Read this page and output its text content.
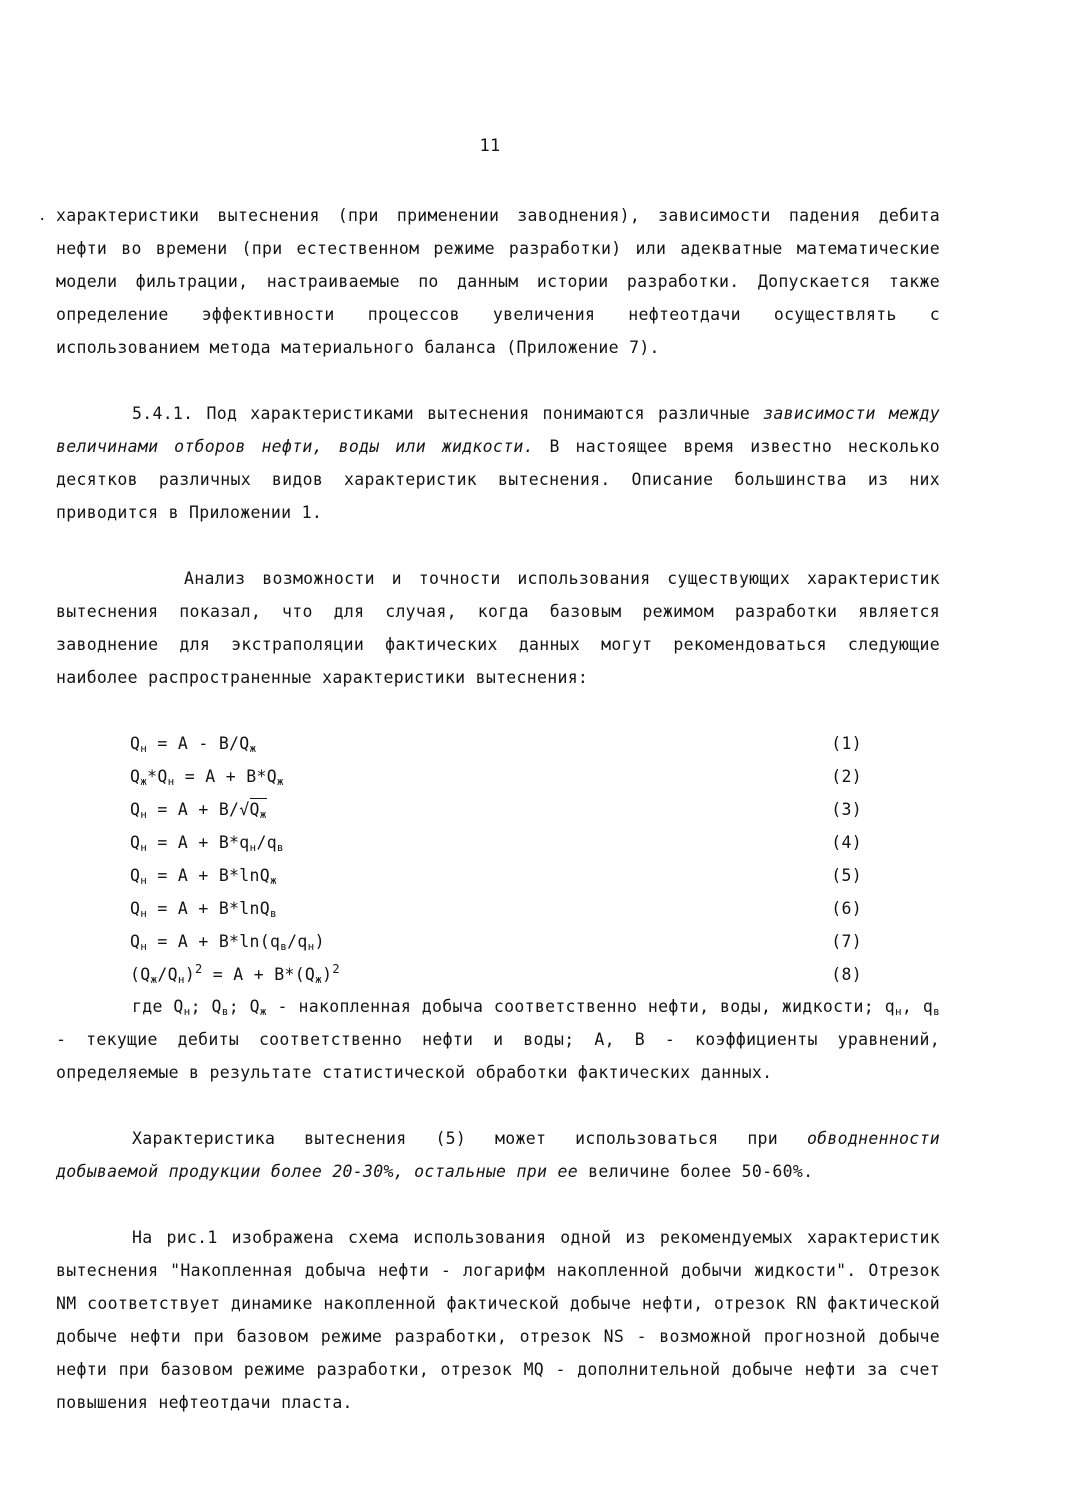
11
. характеристики вытеснения (при применении заводнения), зависимости падения дебита нефти во времени (при естественном режиме разработки) или адекватные математические модели фильтрации, настраиваемые по данным истории разработки. Допускается также определение эффективности процессов увеличения нефтеотдачи осуществлять с использованием метода материального баланса (Приложение 7).

5.4.1. Под характеристиками вытеснения понимаются различные зависимости между величинами отборов нефти, воды или жидкости. В настоящее время известно несколько десятков различных видов характеристик вытеснения. Описание большинства из них приводится в Приложении 1.

Анализ возможности и точности использования существующих характеристик вытеснения показал, что для случая, когда базовым режимом разработки является заводнение для экстраполяции фактических данных могут рекомендоваться следующие наиболее распространенные характеристики вытеснения:

$Q_н = A - B/Q_ж$	(1)
$Q_ж*Q_н = A + B*Q_ж$	(2)
$Q_н = A + B/√Q_ж$	(3)
$Q_н = A + B*q_н/q_в$	(4)
$Q_н = A + B*\ln Q_ж$	(5)
$Q_н = A + B*\ln Q_в$	(6)
$Q_н = A + B*\ln(q_в/q_н)$	(7)
$(Q_ж/Q_н)^2 = A + B*(Q_ж)^2$	(8)

где $Q_н$; $Q_в$; $Q_ж$ - накопленная добыча соответственно нефти, воды, жидкости; $q_н$, $q_в$ - текущие дебиты соответственно нефти и воды; A, B - коэффициенты уравнений, определяемые в результате статистической обработки фактических данных.

Характеристика вытеснения (5) может использоваться при обводненности добываемой продукции более 20-30%, остальные при ее величине более 50-60%.

На рис.1 изображена схема использования одной из рекомендуемых характеристик вытеснения "Накопленная добыча нефти - логарифм накопленной добычи жидкости". Отрезок NM соответствует динамике накопленной фактической добыче нефти, отрезок RN фактической добыче нефти при базовом режиме разработки, отрезок NS - возможной прогнозной добыче нефти при базовом режиме разработки, отрезок MQ - дополнительной добыче нефти за счет повышения нефтеотдачи пласта.
